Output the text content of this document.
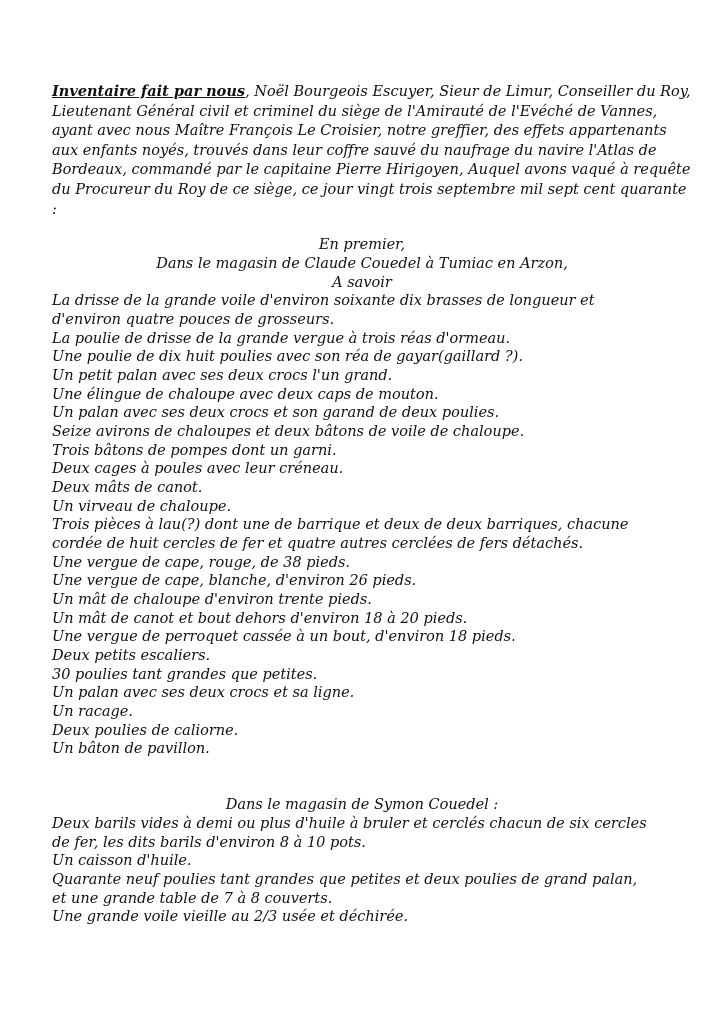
Inventaire fait par nous, Noël Bourgeois Escuyer, Sieur de Limur, Conseiller du Roy, Lieutenant Général civil et criminel du siège de l'Amirauté de l'Evéché de Vannes, ayant avec nous Maître François Le Croisier, notre greffier, des effets appartenants aux enfants noyés, trouvés dans leur coffre sauvé du naufrage du navire l'Atlas de Bordeaux, commandé par le capitaine Pierre Hirigoyen, Auquel avons vaqué à requête du Procureur du Roy de ce siège, ce jour vingt trois septembre mil sept cent quarante :

En premier,
Dans le magasin de Claude Couedel à Tumiac en Arzon,
A savoir
La drisse de la grande voile d'environ soixante dix brasses de longueur et
d'environ quatre pouces de grosseurs.
La poulie de drisse de la grande vergue à trois réas d'ormeau.
Une poulie de dix huit poulies avec son réa de gayar(gaillard ?).
Un petit palan avec ses deux crocs l'un grand.
Une élingue de chaloupe avec deux caps de mouton.
Un palan avec ses deux crocs et son garand de deux poulies.
Seize avirons de chaloupes et deux bâtons de voile de chaloupe.
Trois bâtons de pompes dont un garni.
Deux cages à poules avec leur créneau.
Deux mâts de canot.
Un virveau de chaloupe.
Trois pièces à lau(?) dont une de barrique et deux de deux barriques, chacune
cordée de huit cercles de fer et quatre autres cerclées de fers détachés.
Une vergue de cape, rouge, de 38 pieds.
Une vergue de cape, blanche, d'environ 26 pieds.
Un mât de chaloupe d'environ trente pieds.
Un mât de canot et bout dehors d'environ 18 à 20 pieds.
Une vergue de perroquet cassée à un bout, d'environ 18 pieds.
Deux petits escaliers.
30 poulies tant grandes que petites.
Un palan avec ses deux crocs et sa ligne.
Un racage.
Deux poulies de caliorne.
Un bâton de pavillon.
Dans le magasin de Symon Couedel :
Deux barils vides à demi ou plus d'huile à bruler et cerclés chacun de six cercles
de fer, les dits barils d'environ 8 à 10 pots.
Un caisson d'huile.
Quarante neuf poulies tant grandes que petites et deux poulies de grand palan,
et une grande table de 7 à 8 couverts.
Une grande voile vieille au 2/3 usée et déchirée.
